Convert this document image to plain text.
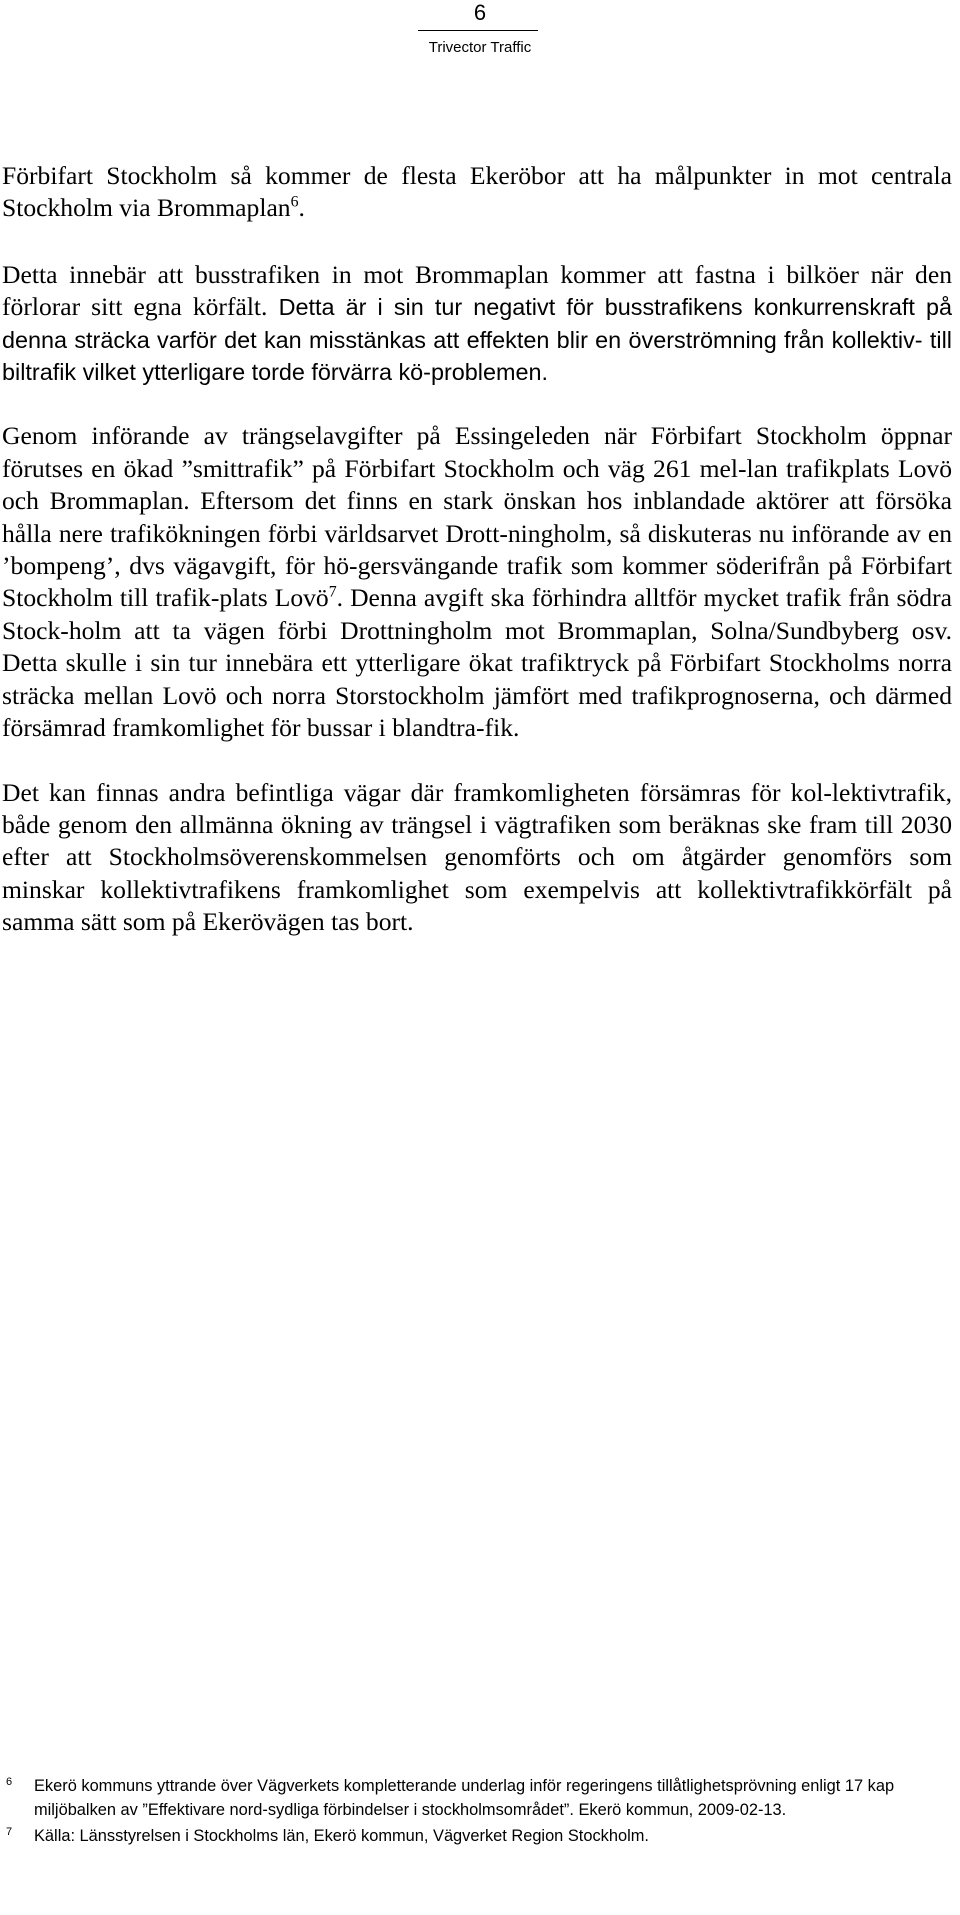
6
Trivector Traffic

Förbifart Stockholm så kommer de flesta Ekeröbor att ha målpunkter in mot centrala Stockholm via Brommaplan$^6$.

Detta innebär att busstrafiken in mot Brommaplan kommer att fastna i bilköer när den förlorar sitt egna körfält. Detta är i sin tur negativt för busstrafikens konkurrenskraft på denna sträcka varför det kan misstänkas att effekten blir en överströmning från kollektiv- till biltrafik vilket ytterligare torde förvärra kö-problemen.

Genom införande av trängselavgifter på Essingeleden när Förbifart Stockholm öppnar förutses en ökad ”smittrafik” på Förbifart Stockholm och väg 261 mel-lan trafikplats Lovö och Brommaplan. Eftersom det finns en stark önskan hos inblandade aktörer att försöka hålla nere trafikökningen förbi världsarvet Drott-ningholm, så diskuteras nu införande av en ’bompeng’, dvs vägavgift, för hö-gersvängande trafik som kommer söderifrån på Förbifart Stockholm till trafik-plats Lovö$^7$. Denna avgift ska förhindra alltför mycket trafik från södra Stock-holm att ta vägen förbi Drottningholm mot Brommaplan, Solna/Sundbyberg osv. Detta skulle i sin tur innebära ett ytterligare ökat trafiktryck på Förbifart Stockholms norra sträcka mellan Lovö och norra Storstockholm jämfört med trafikprognoserna, och därmed försämrad framkomlighet för bussar i blandtra-fik.

Det kan finnas andra befintliga vägar där framkomligheten försämras för kol-lektivtrafik, både genom den allmänna ökning av trängsel i vägtrafiken som beräknas ske fram till 2030 efter att Stockholmsöverenskommelsen genomförts och om åtgärder genomförs som minskar kollektivtrafikens framkomlighet som exempelvis att kollektivtrafikkörfält på samma sätt som på Ekerövägen tas bort.

6 Ekerö kommuns yttrande över Vägverkets kompletterande underlag inför regeringens tillåtlighetsprövning enligt 17 kap miljöbalken av ”Effektivare nord-sydliga förbindelser i stockholmsområdet”. Ekerö kommun, 2009-02-13.
7 Källa: Länsstyrelsen i Stockholms län, Ekerö kommun, Vägverket Region Stockholm.
